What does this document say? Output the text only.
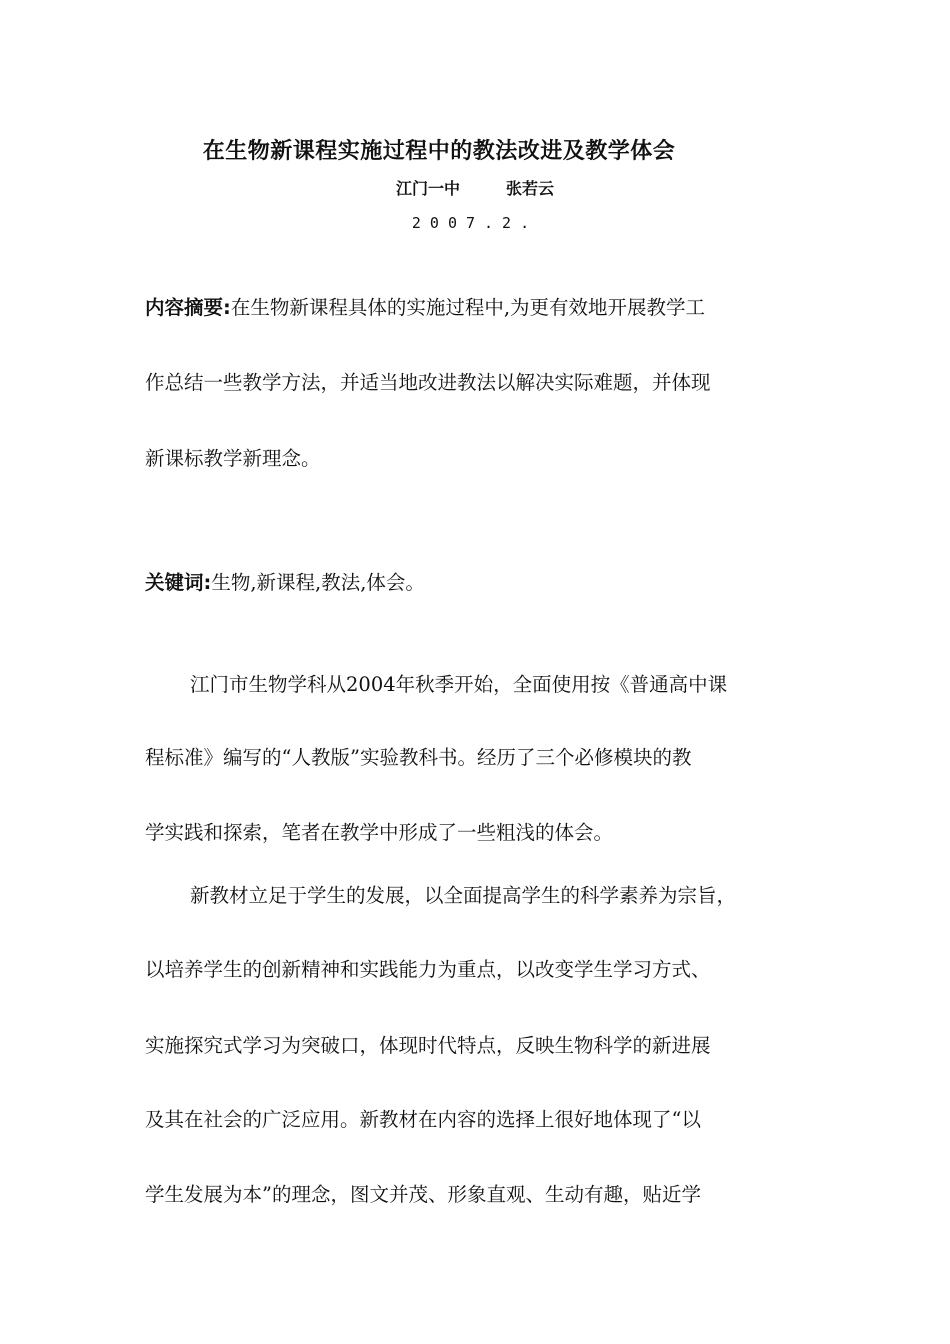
在生物新课程实施过程中的教法改进及教学体会
江门一中	张若云
2007.2.
内容摘要:在生物新课程具体的实施过程中,为更有效地开展教学工
作总结一些教学方法，并适当地改进教法以解决实际难题，并体现
新课标教学新理念。
关键词:生物,新课程,教法,体会。
江门市生物学科从2004年秋季开始，全面使用按《普通高中课
程标准》编写的“人教版”实验教科书。经历了三个必修模块的教
学实践和探索，笔者在教学中形成了一些粗浅的体会。
新教材立足于学生的发展，以全面提高学生的科学素养为宗旨，
以培养学生的创新精神和实践能力为重点，以改变学生学习方式、
实施探究式学习为突破口，体现时代特点，反映生物科学的新进展
及其在社会的广泛应用。新教材在内容的选择上很好地体现了“以
学生发展为本”的理念，图文并茂、形象直观、生动有趣，贴近学
